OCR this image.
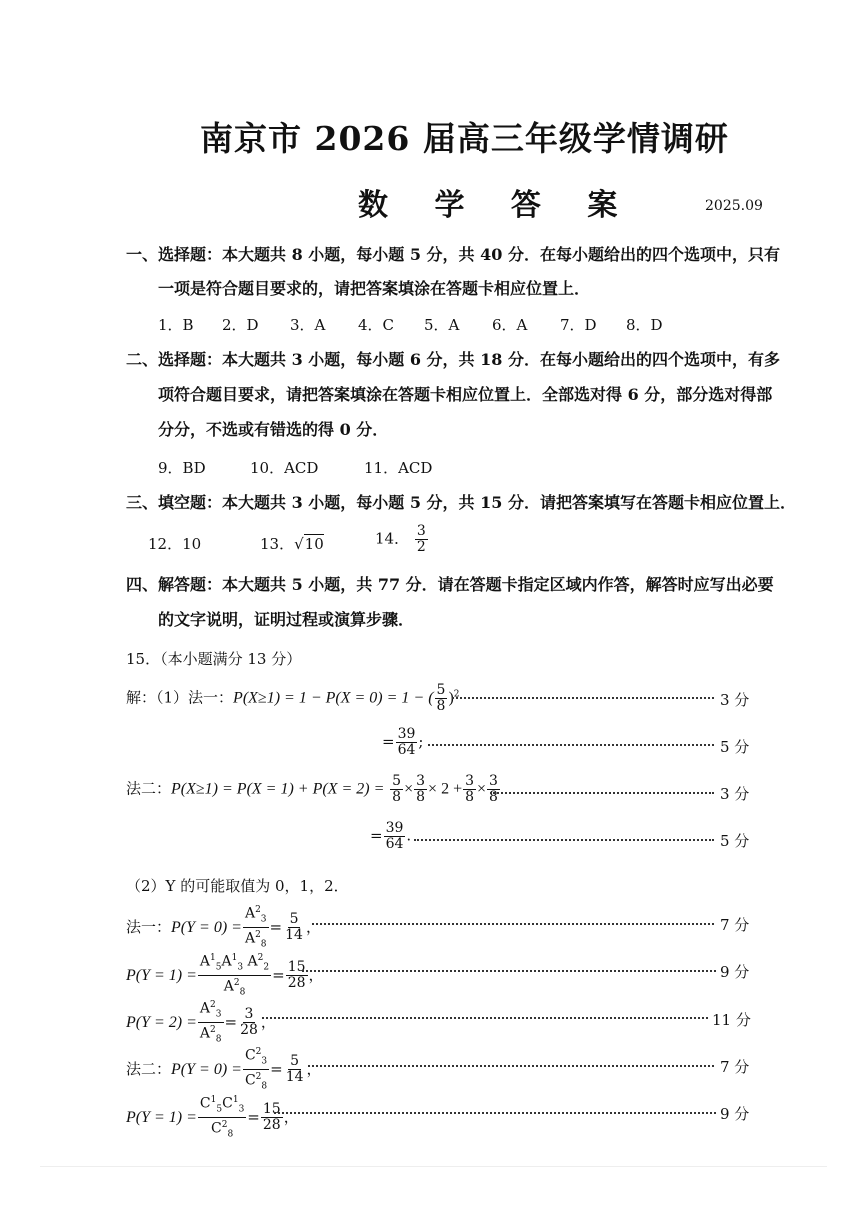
南京市 2026 届高三年级学情调研
数 学 答 案	2025.09
一、选择题：本大题共 8 小题，每小题 5 分，共 40 分．在每小题给出的四个选项中，只有
一项是符合题目要求的，请把答案填涂在答题卡相应位置上．
1．B 2．D 3．A 4．C 5．A 6．A 7．D 8．D
二、选择题：本大题共 3 小题，每小题 6 分，共 18 分．在每小题给出的四个选项中，有多
项符合题目要求，请把答案填涂在答题卡相应位置上．全部选对得 6 分，部分选对得部
分分，不选或有错选的得 0 分．
9．BD	10．ACD	11．ACD
三、填空题：本大题共 3 小题，每小题 5 分，共 15 分．请把答案填写在答题卡相应位置上．
12．10	13．√10	14． $\frac{3}{2}$
四、解答题：本大题共 5 小题，共 77 分．请在答题卡指定区域内作答，解答时应写出必要
的文字说明，证明过程或演算步骤．
15．（本小题满分 13 分）
解：（1）法一：P(X≥1) = 1 − P(X = 0) = 1 − ( $\frac{5}{8} )^2$	3 分
= $\frac{39}{64}$ ;	5 分
法二：$P(X\ge 1) = P(X = 1) + P(X = 2) = \frac{5}{8} \times \frac{3}{8} \times 2 + \frac{3}{8} \times \frac{3}{8}$	3 分
= $\frac{39}{64}$ .	5 分
（2）Y 的可能取值为 0，1，2．
法一：$P(Y = 0) = \frac{A^2_3}{A^2_8} = \frac{5}{14}$ ，	7 分
$P(Y = 1) = \frac{A^1_5A^1_3 A^2_2}{A^2_8} = \frac{15}{28}$ ，	9 分
$P(Y = 2) = \frac{A^2_3}{A^2_8} = \frac{3}{28}$ ，	11 分
法二：$P(Y = 0) = \frac{C^2_3}{C^2_8} = \frac{5}{14}$ ，	7 分
$P(Y = 1) = \frac{C^1_5C^1_3}{C^2_8} = \frac{15}{28}$ ，	9 分
